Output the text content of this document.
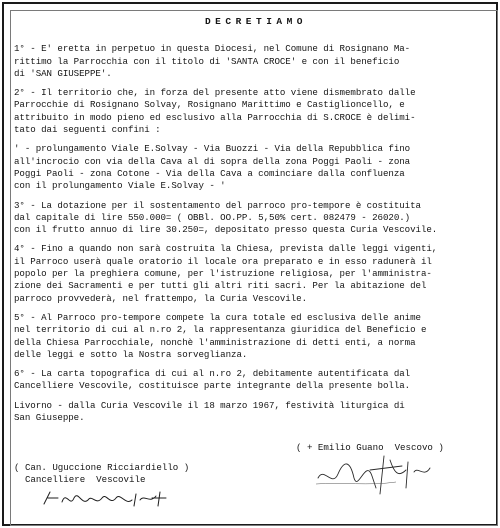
DECRETIAMO
1° - E' eretta in perpetuo in questa Diocesi, nel Comune di Rosignano Ma-
rittimo la Parrocchia con il titolo di 'SANTA CROCE' e con il beneficio
di 'SAN GIUSEPPE'.
2° - Il territorio che, in forza del presente atto viene dismembrato dalle
Parrocchie di Rosignano Solvay, Rosignano Marittimo e Castiglioncello, e
attribuito in modo pieno ed esclusivo alla Parrocchia di S.CROCE è delimi-
tato dai seguenti confini :
' - prolungamento Viale E.Solvay - Via Buozzi - Via della Repubblica fino
all'incrocio con via della Cava al di sopra della zona Poggi Paoli - zona
Poggi Paoli - zona Cotone - Via della Cava a cominciare dalla confluenza
con il prolungamento Viale E.Solvay - '
3° - La dotazione per il sostentamento del parroco pro-tempore è costituita
dal capitale di lire 550.000= ( OBBl. OO.PP. 5,50% cert. 082479 - 26020.)
con il frutto annuo di lire 30.250=, depositato presso questa Curia Vescovile.
4° - Fino a quando non sarà costruita la Chiesa, prevista dalle leggi vigenti,
il Parroco userà quale oratorio il locale ora preparato e in esso radunerà il
popolo per la preghiera comune, per l'istruzione religiosa, per l'amministra-
zione dei Sacramenti e per tutti gli altri riti sacri. Per la abitazione del
parroco provvederà, nel frattempo, la Curia Vescovile.
5° - Al Parroco pro-tempore compete la cura totale ed esclusiva delle anime
nel territorio di cui al n.ro 2, la rappresentanza giuridica del Beneficio e
della Chiesa Parrocchiale, nonchè l'amministrazione di detti enti, a norma
delle leggi e sotto la Nostra sorveglianza.
6° - La carta topografica di cui al n.ro 2, debitamente autentificata dal
Cancelliere Vescovile, costituisce parte integrante della presente bolla.
Livorno - dalla Curia Vescovile il 18 marzo 1967, festività liturgica di
San Giuseppe.
( + Emilio Guano  Vescovo )
( Can. Uguccione Ricciardiello )
Cancelliere  Vescovile
